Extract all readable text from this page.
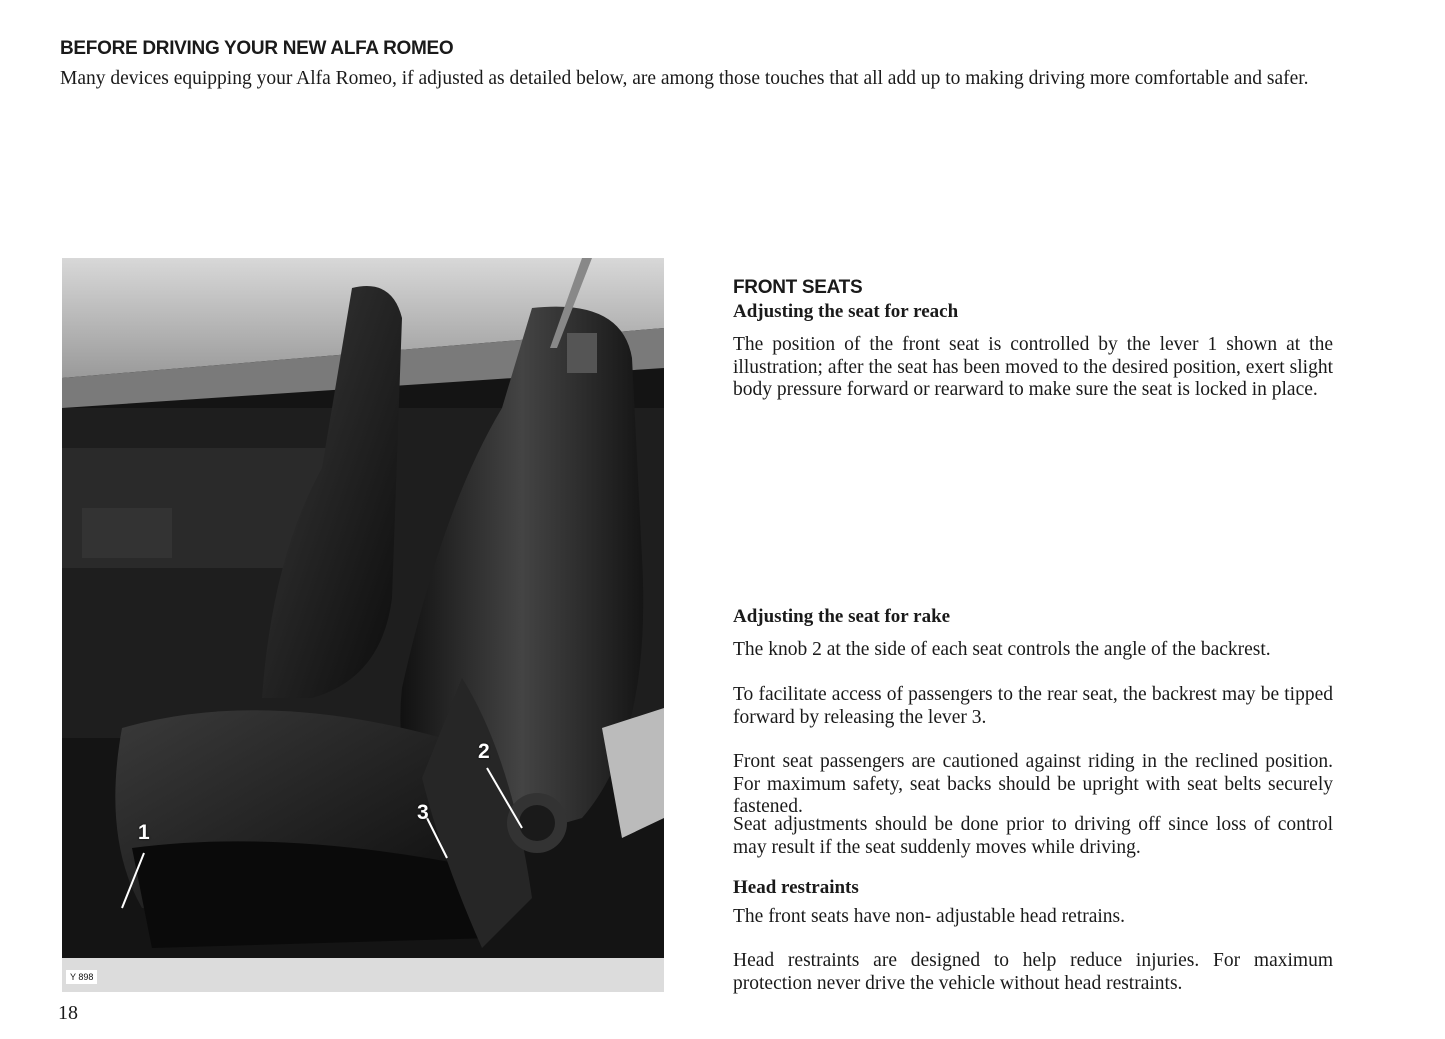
BEFORE DRIVING YOUR NEW ALFA ROMEO

Many devices equipping your Alfa Romeo, if adjusted as detailed below, are among those touches that all add up to making driving more comfortable and safer.

1
2
3
Y 898
18
FRONT SEATS
Adjusting the seat for reach

The position of the front seat is controlled by the lever 1 shown at the illustration; after the seat has been moved to the desired position, exert slight body pressure forward or rearward to make sure the seat is locked in place.

Adjusting the seat for rake

The knob 2 at the side of each seat controls the angle of the backrest.

To facilitate access of passengers to the rear seat, the backrest may be tipped forward by releasing the lever 3.

Front seat passengers are cautioned against riding in the reclined position. For maximum safety, seat backs should be upright with seat belts securely fastened.

Seat adjustments should be done prior to driving off since loss of control may result if the seat suddenly moves while driving.

Head restraints

The front seats have non- adjustable head retrains.

Head restraints are designed to help reduce injuries. For maximum protection never drive the vehicle without head restraints.
